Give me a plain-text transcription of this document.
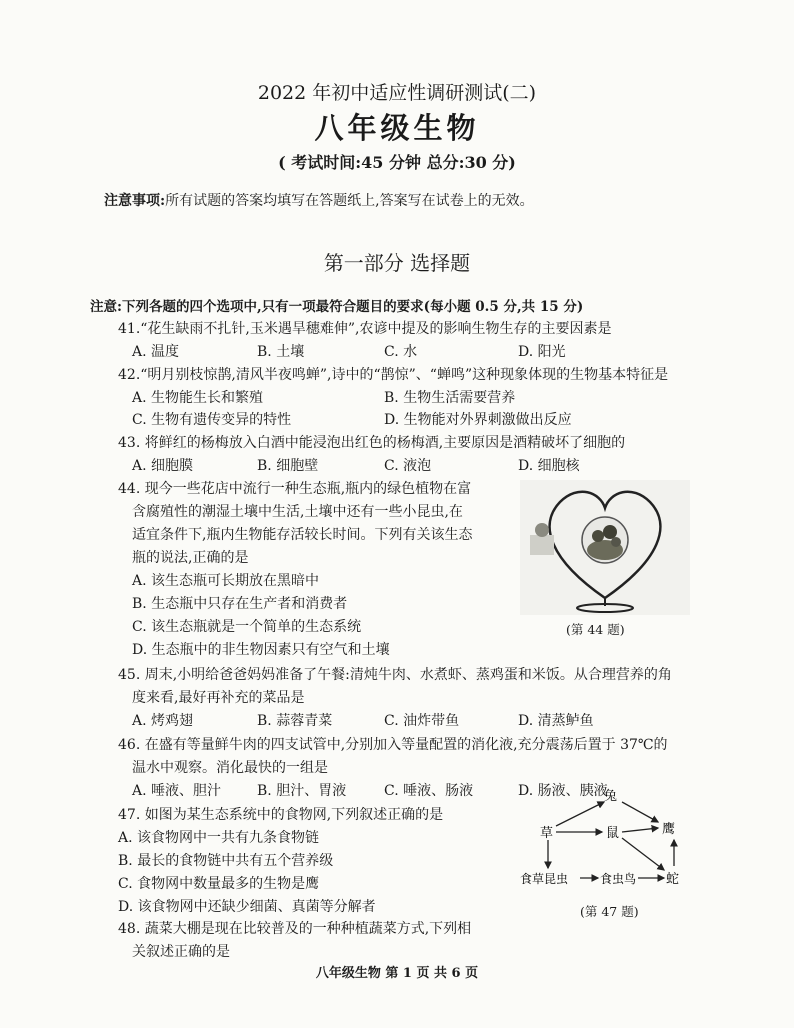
2022 年初中适应性调研测试(二)
八年级生物
( 考试时间:45 分钟 总分:30 分)
注意事项:所有试题的答案均填写在答题纸上,答案写在试卷上的无效。
第一部分 选择题
注意:下列各题的四个选项中,只有一项最符合题目的要求(每小题 0.5 分,共 15 分)
41.“花生缺雨不扎针,玉米遇旱穗难伸”,农谚中提及的影响生物生存的主要因素是
A. 温度	B. 土壤	C. 水	D. 阳光
42.“明月别枝惊鹊,清风半夜鸣蝉”,诗中的“鹊惊”、“蝉鸣”这种现象体现的生物基本特征是
A. 生物能生长和繁殖	B. 生物生活需要营养
C. 生物有遗传变异的特性	D. 生物能对外界刺激做出反应
43. 将鲜红的杨梅放入白酒中能浸泡出红色的杨梅酒,主要原因是酒精破坏了细胞的
A. 细胞膜	B. 细胞壁	C. 液泡	D. 细胞核
44. 现今一些花店中流行一种生态瓶,瓶内的绿色植物在富
含腐殖性的潮湿土壤中生活,土壤中还有一些小昆虫,在
适宜条件下,瓶内生物能存活较长时间。下列有关该生态
瓶的说法,正确的是
A. 该生态瓶可长期放在黑暗中
B. 生态瓶中只存在生产者和消费者
C. 该生态瓶就是一个简单的生态系统
D. 生态瓶中的非生物因素只有空气和土壤
(第 44 题)
45. 周末,小明给爸爸妈妈准备了午餐:清炖牛肉、水煮虾、蒸鸡蛋和米饭。从合理营养的角
度来看,最好再补充的菜品是
A. 烤鸡翅	B. 蒜蓉青菜	C. 油炸带鱼	D. 清蒸鲈鱼
46. 在盛有等量鲜牛肉的四支试管中,分别加入等量配置的消化液,充分震荡后置于 37℃的
温水中观察。消化最快的一组是
A. 唾液、胆汁	B. 胆汁、胃液	C. 唾液、肠液	D. 肠液、胰液
47. 如图为某生态系统中的食物网,下列叙述正确的是
A. 该食物网中一共有九条食物链
B. 最长的食物链中共有五个营养级
C. 食物网中数量最多的生物是鹰
D. 该食物网中还缺少细菌、真菌等分解者
兔
草	鼠	鹰
食草昆虫	食虫鸟 蛇
(第 47 题)
48. 蔬菜大棚是现在比较普及的一种种植蔬菜方式,下列相
关叙述正确的是
八年级生物 第 1 页 共 6 页
